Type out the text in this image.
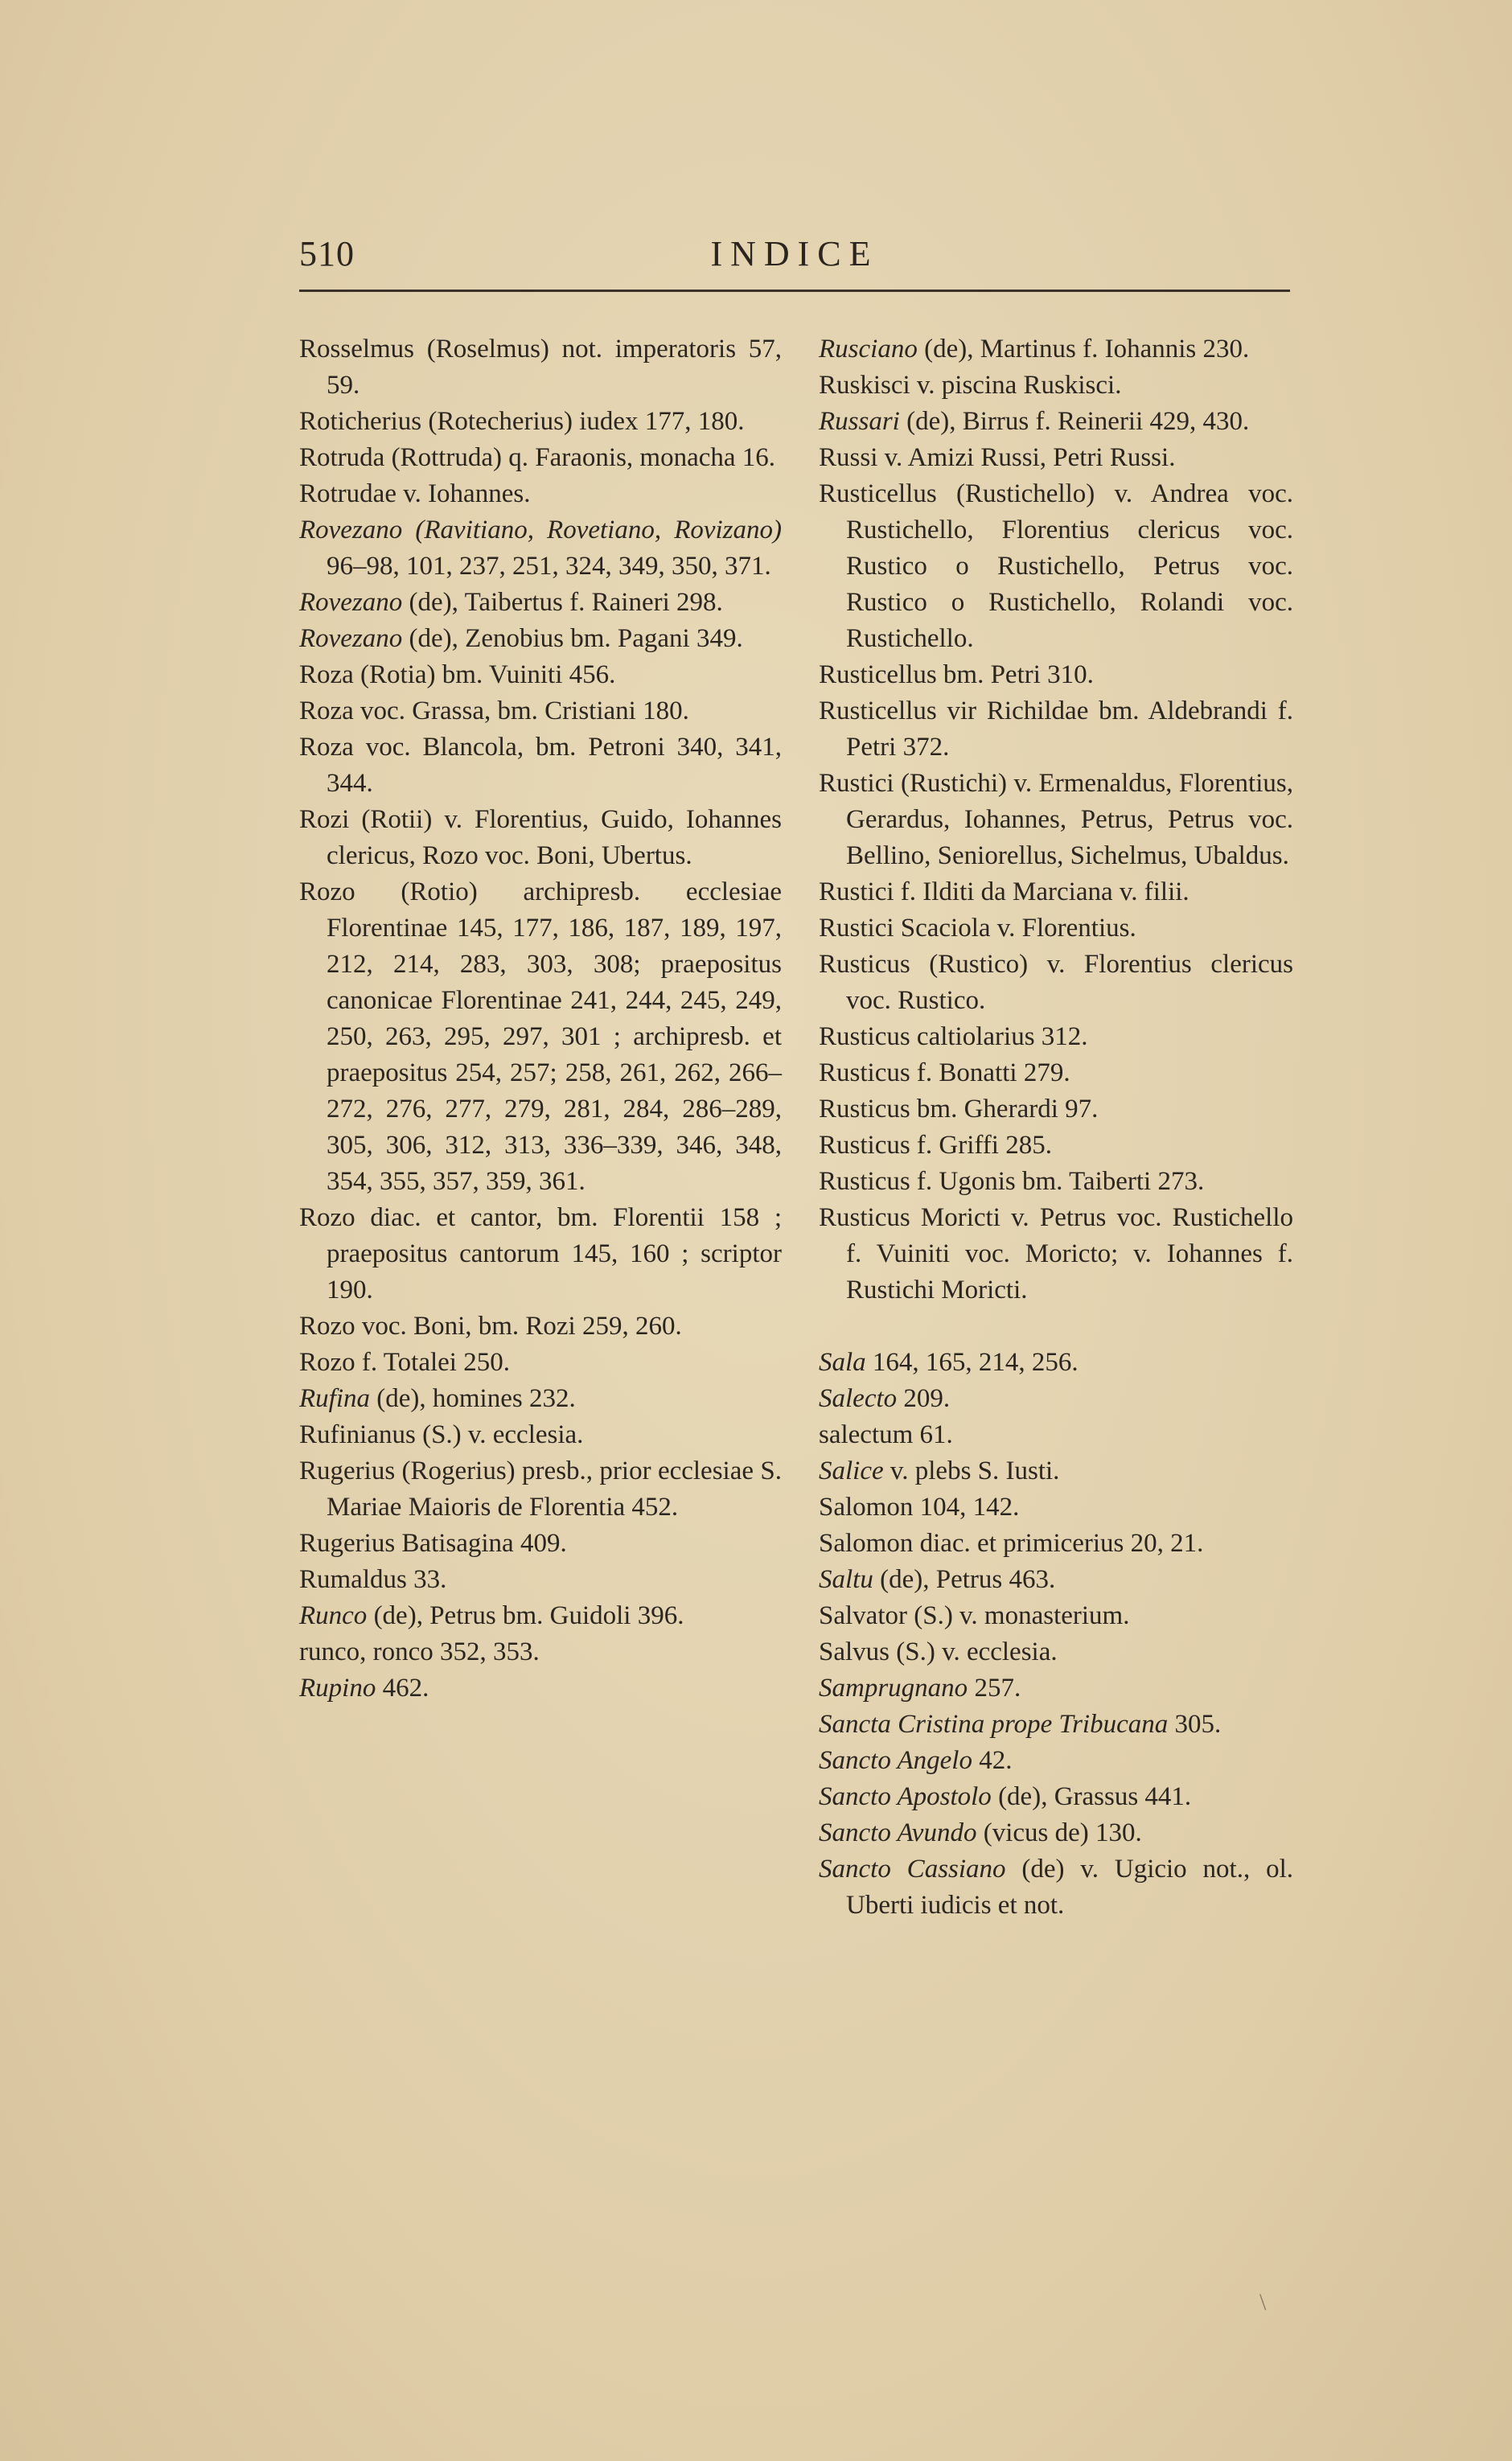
510	INDICE

Rosselmus (Roselmus) not. imperatoris 57, 59.

Roticherius (Rotecherius) iudex 177, 180.

Rotruda (Rottruda) q. Faraonis, monacha 16.

Rotrudae v. Iohannes.

Rovezano (Ravitiano, Rovetiano, Rovizano) 96–98, 101, 237, 251, 324, 349, 350, 371.

Rovezano (de), Taibertus f. Raineri 298.

Rovezano (de), Zenobius bm. Pagani 349.

Roza (Rotia) bm. Vuiniti 456.

Roza voc. Grassa, bm. Cristiani 180.

Roza voc. Blancola, bm. Petroni 340, 341, 344.

Rozi (Rotii) v. Florentius, Guido, Iohannes clericus, Rozo voc. Boni, Ubertus.

Rozo (Rotio) archipresb. ecclesiae Florentinae 145, 177, 186, 187, 189, 197, 212, 214, 283, 303, 308; praepositus canonicae Florentinae 241, 244, 245, 249, 250, 263, 295, 297, 301 ; archipresb. et praepositus 254, 257; 258, 261, 262, 266–272, 276, 277, 279, 281, 284, 286–289, 305, 306, 312, 313, 336–339, 346, 348, 354, 355, 357, 359, 361.

Rozo diac. et cantor, bm. Florentii 158 ; praepositus cantorum 145, 160 ; scriptor 190.

Rozo voc. Boni, bm. Rozi 259, 260.

Rozo f. Totalei 250.

Rufina (de), homines 232.

Rufinianus (S.) v. ecclesia.

Rugerius (Rogerius) presb., prior ecclesiae S. Mariae Maioris de Florentia 452.

Rugerius Batisagina 409.

Rumaldus 33.

Runco (de), Petrus bm. Guidoli 396.

runco, ronco 352, 353.

Rupino 462.

Rusciano (de), Martinus f. Iohannis 230.

Ruskisci v. piscina Ruskisci.

Russari (de), Birrus f. Reinerii 429, 430.

Russi v. Amizi Russi, Petri Russi.

Rusticellus (Rustichello) v. Andrea voc. Rustichello, Florentius clericus voc. Rustico o Rustichello, Petrus voc. Rustico o Rustichello, Rolandi voc. Rustichello.

Rusticellus bm. Petri 310.

Rusticellus vir Richildae bm. Aldebrandi f. Petri 372.

Rustici (Rustichi) v. Ermenaldus, Florentius, Gerardus, Iohannes, Petrus, Petrus voc. Bellino, Seniorellus, Sichelmus, Ubaldus.

Rustici f. Ilditi da Marciana v. filii.

Rustici Scaciola v. Florentius.

Rusticus (Rustico) v. Florentius clericus voc. Rustico.

Rusticus caltiolarius 312.

Rusticus f. Bonatti 279.

Rusticus bm. Gherardi 97.

Rusticus f. Griffi 285.

Rusticus f. Ugonis bm. Taiberti 273.

Rusticus Moricti v. Petrus voc. Rustichello f. Vuiniti voc. Moricto; v. Iohannes f. Rustichi Moricti.

Sala 164, 165, 214, 256.

Salecto 209.

salectum 61.

Salice v. plebs S. Iusti.

Salomon 104, 142.

Salomon diac. et primicerius 20, 21.

Saltu (de), Petrus 463.

Salvator (S.) v. monasterium.

Salvus (S.) v. ecclesia.

Samprugnano 257.

Sancta Cristina prope Tribucana 305.

Sancto Angelo 42.

Sancto Apostolo (de), Grassus 441.

Sancto Avundo (vicus de) 130.

Sancto Cassiano (de) v. Ugicio not., ol. Uberti iudicis et not.

\
